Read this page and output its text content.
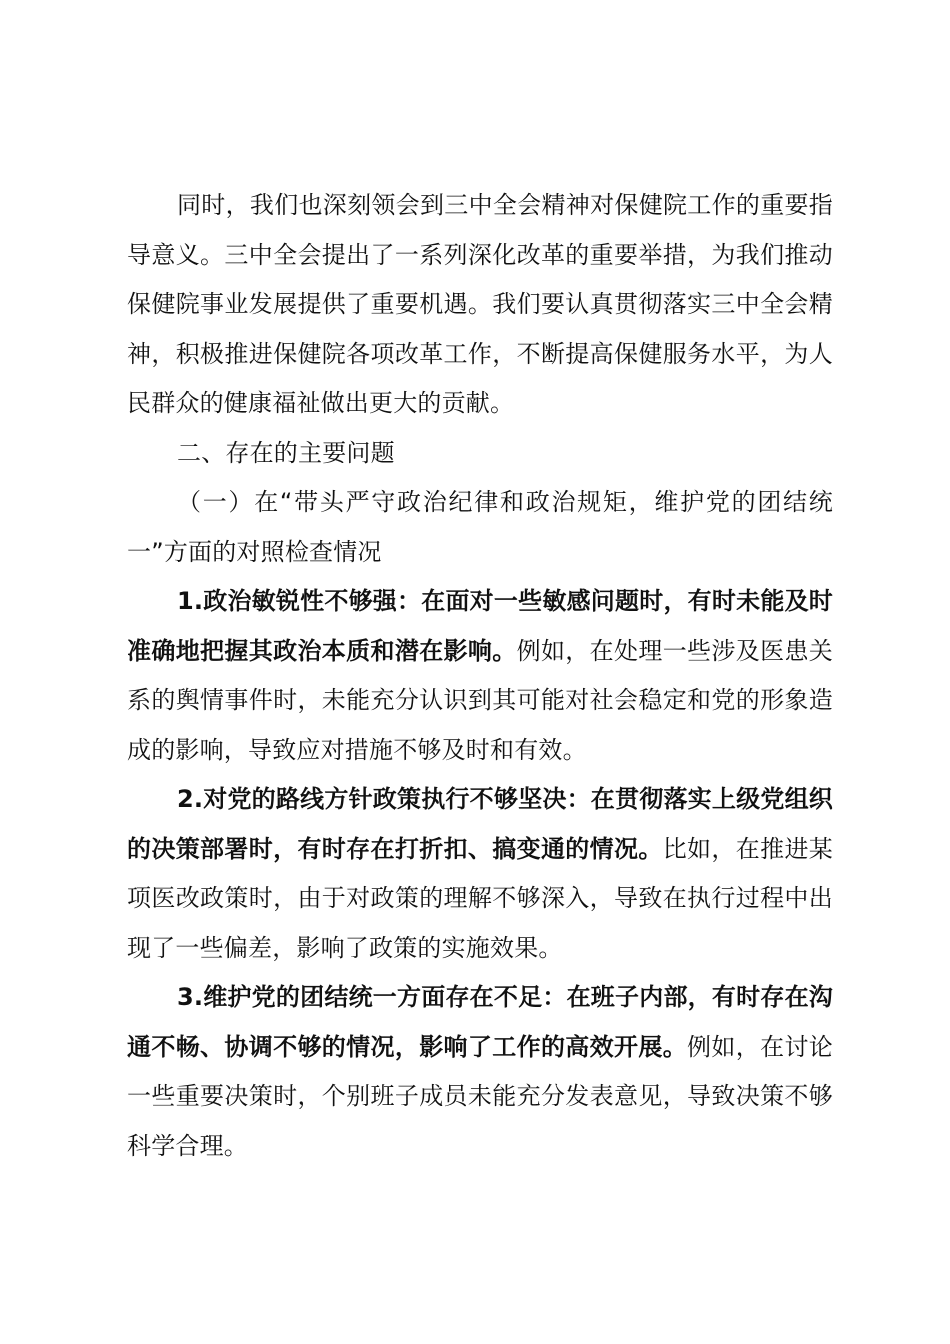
同时，我们也深刻领会到三中全会精神对保健院工作的重要指导意义。三中全会提出了一系列深化改革的重要举措，为我们推动保健院事业发展提供了重要机遇。我们要认真贯彻落实三中全会精神，积极推进保健院各项改革工作，不断提高保健服务水平，为人民群众的健康福祉做出更大的贡献。

二、存在的主要问题

（一）在“带头严守政治纪律和政治规矩，维护党的团结统一”方面的对照检查情况

1.政治敏锐性不够强：在面对一些敏感问题时，有时未能及时准确地把握其政治本质和潜在影响。例如，在处理一些涉及医患关系的舆情事件时，未能充分认识到其可能对社会稳定和党的形象造成的影响，导致应对措施不够及时和有效。

2.对党的路线方针政策执行不够坚决：在贯彻落实上级党组织的决策部署时，有时存在打折扣、搞变通的情况。比如，在推进某项医改政策时，由于对政策的理解不够深入，导致在执行过程中出现了一些偏差，影响了政策的实施效果。

3.维护党的团结统一方面存在不足：在班子内部，有时存在沟通不畅、协调不够的情况，影响了工作的高效开展。例如，在讨论一些重要决策时，个别班子成员未能充分发表意见，导致决策不够科学合理。
